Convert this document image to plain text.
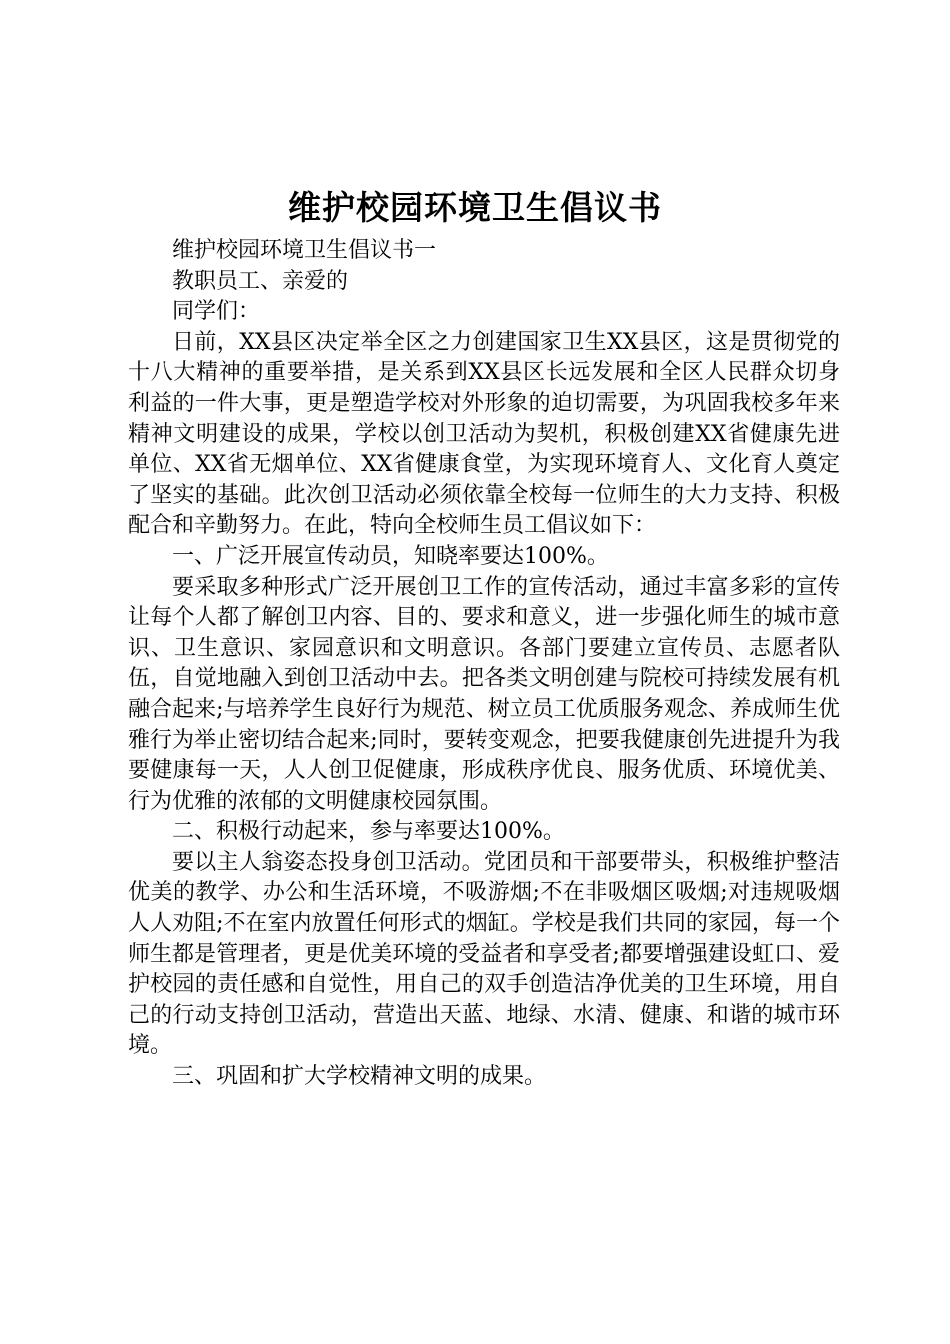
维护校园环境卫生倡议书

维护校园环境卫生倡议书一

教职员工、亲爱的

同学们：

日前，XX县区决定举全区之力创建国家卫生XX县区，这是贯彻党的十八大精神的重要举措，是关系到XX县区长远发展和全区人民群众切身利益的一件大事，更是塑造学校对外形象的迫切需要，为巩固我校多年来精神文明建设的成果，学校以创卫活动为契机，积极创建XX省健康先进单位、XX省无烟单位、XX省健康食堂，为实现环境育人、文化育人奠定了坚实的基础。此次创卫活动必须依靠全校每一位师生的大力支持、积极配合和辛勤努力。在此，特向全校师生员工倡议如下：

一、广泛开展宣传动员，知晓率要达100%。

要采取多种形式广泛开展创卫工作的宣传活动，通过丰富多彩的宣传让每个人都了解创卫内容、目的、要求和意义，进一步强化师生的城市意识、卫生意识、家园意识和文明意识。各部门要建立宣传员、志愿者队伍，自觉地融入到创卫活动中去。把各类文明创建与院校可持续发展有机融合起来;与培养学生良好行为规范、树立员工优质服务观念、养成师生优雅行为举止密切结合起来;同时，要转变观念，把要我健康创先进提升为我要健康每一天，人人创卫促健康，形成秩序优良、服务优质、环境优美、行为优雅的浓郁的文明健康校园氛围。

二、积极行动起来，参与率要达100%。

要以主人翁姿态投身创卫活动。党团员和干部要带头，积极维护整洁优美的教学、办公和生活环境，不吸游烟;不在非吸烟区吸烟;对违规吸烟人人劝阻;不在室内放置任何形式的烟缸。学校是我们共同的家园，每一个师生都是管理者，更是优美环境的受益者和享受者;都要增强建设虹口、爱护校园的责任感和自觉性，用自己的双手创造洁净优美的卫生环境，用自己的行动支持创卫活动，营造出天蓝、地绿、水清、健康、和谐的城市环境。

三、巩固和扩大学校精神文明的成果。
